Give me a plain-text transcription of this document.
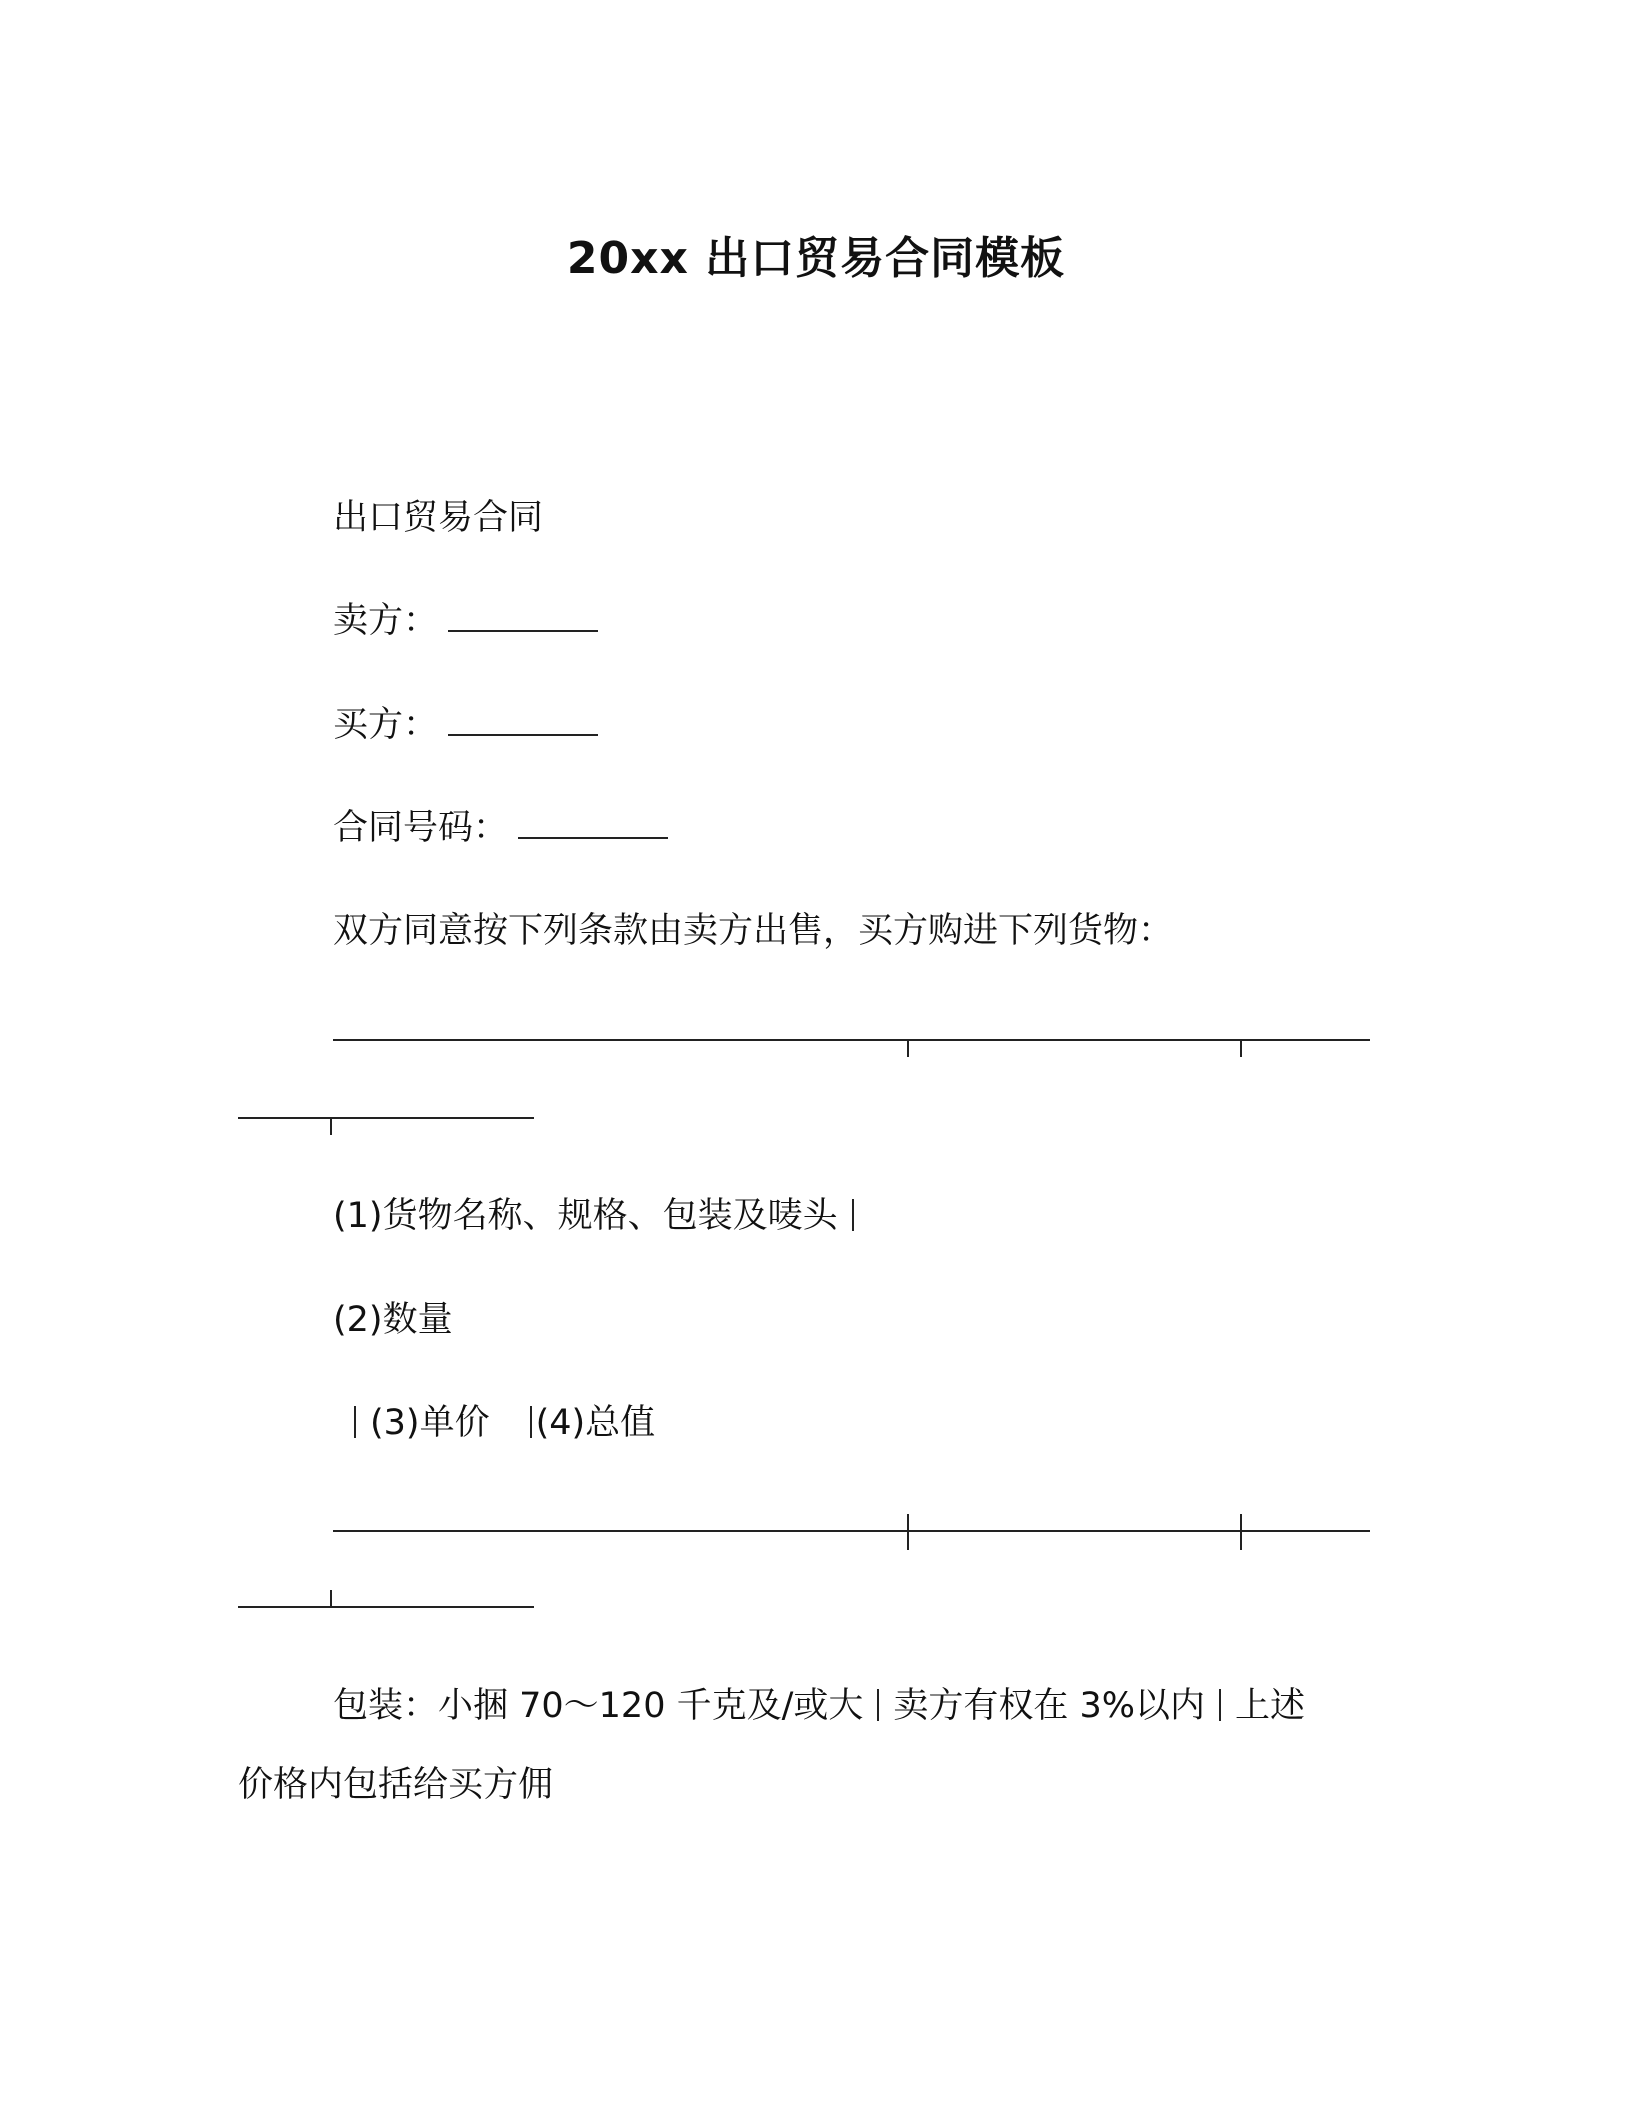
20xx 出口贸易合同模板
出口贸易合同
卖方：
买方：
合同号码：
双方同意按下列条款由卖方出售，买方购进下列货物：
(1)货物名称、规格、包装及唛头
(2)数量
(3)单价 (4)总值
包装：小捆 70～120 千克及/或大 卖方有权在 3%以内 上述
价格内包括给买方佣
